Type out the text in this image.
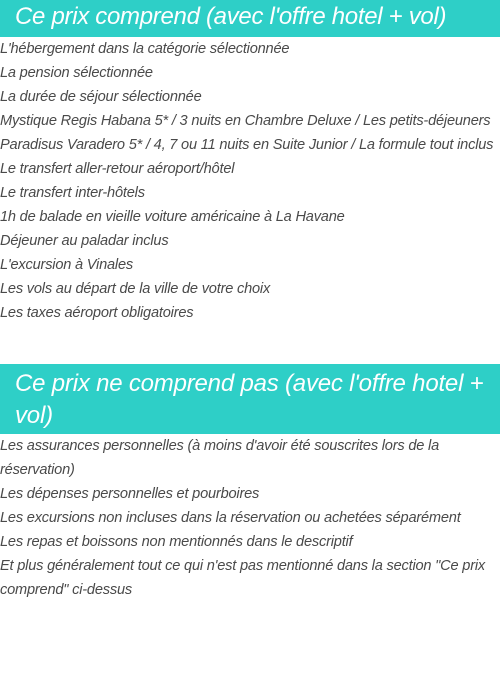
Ce prix comprend (avec l'offre hotel + vol)
L'hébergement dans la catégorie sélectionnée
La pension sélectionnée
La durée de séjour sélectionnée
Mystique Regis Habana 5* / 3 nuits en Chambre Deluxe / Les petits-déjeuners
Paradisus Varadero 5* / 4, 7 ou 11 nuits en Suite Junior / La formule tout inclus
Le transfert aller-retour aéroport/hôtel
Le transfert inter-hôtels
1h de balade en vieille voiture américaine à La Havane
Déjeuner au paladar inclus
L'excursion à Vinales
Les vols au départ de la ville de votre choix
Les taxes aéroport obligatoires
Ce prix ne comprend pas (avec l'offre hotel + vol)
Les assurances personnelles (à moins d'avoir été souscrites lors de la réservation)
Les dépenses personnelles et pourboires
Les excursions non incluses dans la réservation ou achetées séparément
Les repas et boissons non mentionnés dans le descriptif
Et plus généralement tout ce qui n'est pas mentionné dans la section "Ce prix comprend" ci-dessus
